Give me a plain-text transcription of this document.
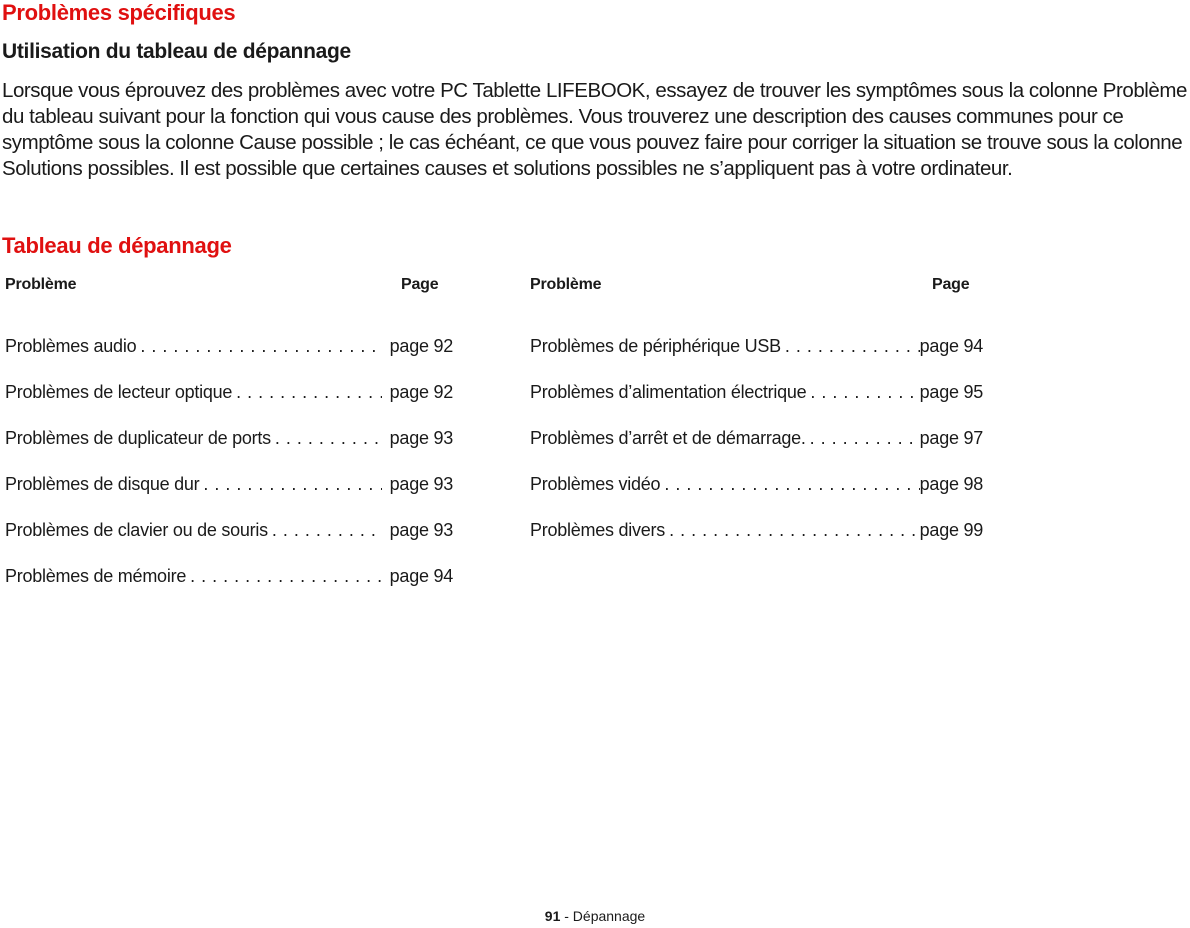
Problèmes spécifiques
Utilisation du tableau de dépannage

Lorsque vous éprouvez des problèmes avec votre PC Tablette LIFEBOOK, essayez de trouver les symptômes sous la colonne Problème du tableau suivant pour la fonction qui vous cause des problèmes. Vous trouverez une description des causes communes pour ce symptôme sous la colonne Cause possible ; le cas échéant, ce que vous pouvez faire pour corriger la situation se trouve sous la colonne Solutions possibles. Il est possible que certaines causes et solutions possibles ne s’appliquent pas à votre ordinateur.

Tableau de dépannage
Problème	Page
Problèmes audio . . .	page 92
Problèmes de lecteur optique . . .	page 92
Problèmes de duplicateur de ports . . .	page 93
Problèmes de disque dur . . .	page 93
Problèmes de clavier ou de souris . . .	page 93
Problèmes de mémoire . . .	page 94
Problème	Page
Problèmes de périphérique USB . . .	page 94
Problèmes d’alimentation électrique . . .	page 95
Problèmes d’arrêt et de démarrage. . . .	page 97
Problèmes vidéo . . .	page 98
Problèmes divers . . .	page 99
91 - Dépannage
